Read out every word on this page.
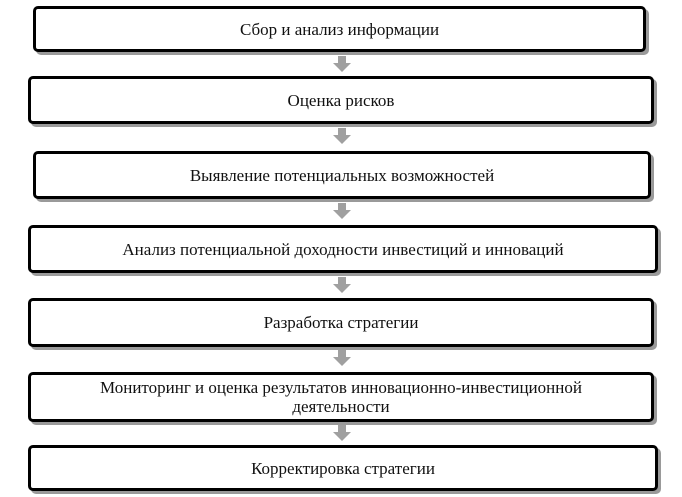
Сбор и анализ информации
Оценка рисков
Выявление потенциальных возможностей
Анализ потенциальной доходности инвестиций и инноваций
Разработка стратегии
Мониторинг и оценка результатов инновационно-инвестиционной деятельности
Корректировка стратегии
